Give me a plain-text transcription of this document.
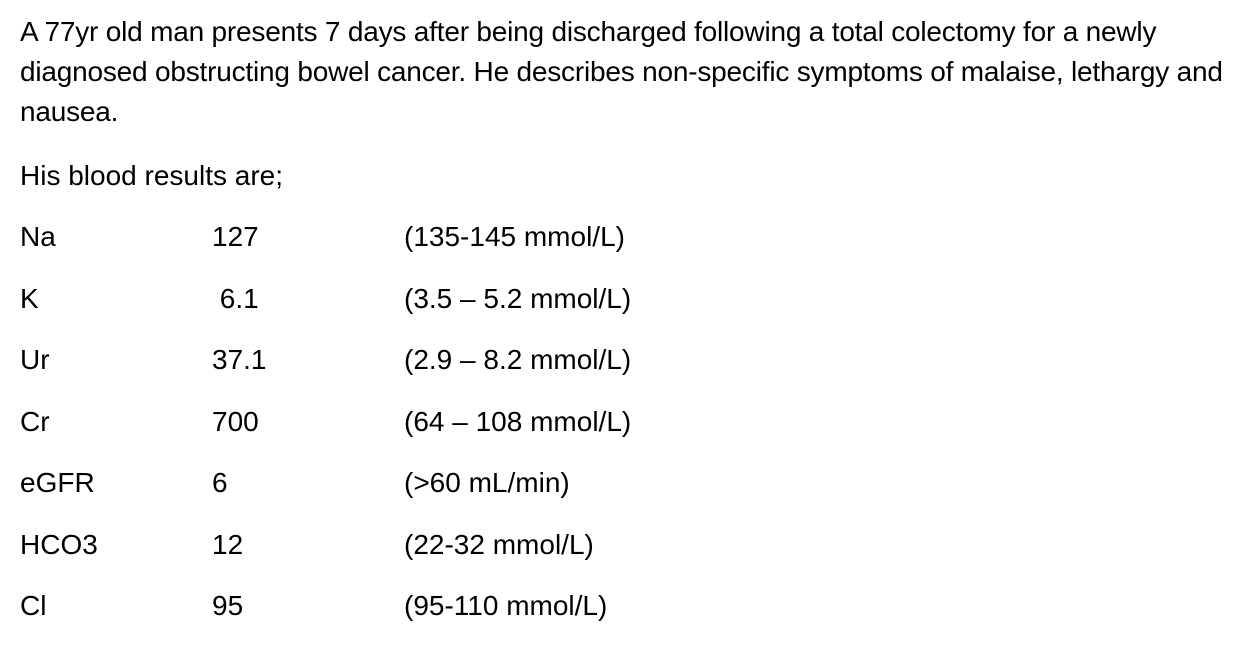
A 77yr old man presents 7 days after being discharged following a total colectomy for a newly diagnosed obstructing bowel cancer. He describes non-specific symptoms of malaise, lethargy and nausea.

His blood results are;

Na	127	(135-145 mmol/L)
K	6.1	(3.5 – 5.2 mmol/L)
Ur	37.1	(2.9 – 8.2 mmol/L)
Cr	700	(64 – 108 mmol/L)
eGFR	6	(>60 mL/min)
HCO3	12	(22-32 mmol/L)
Cl	95	(95-110 mmol/L)
